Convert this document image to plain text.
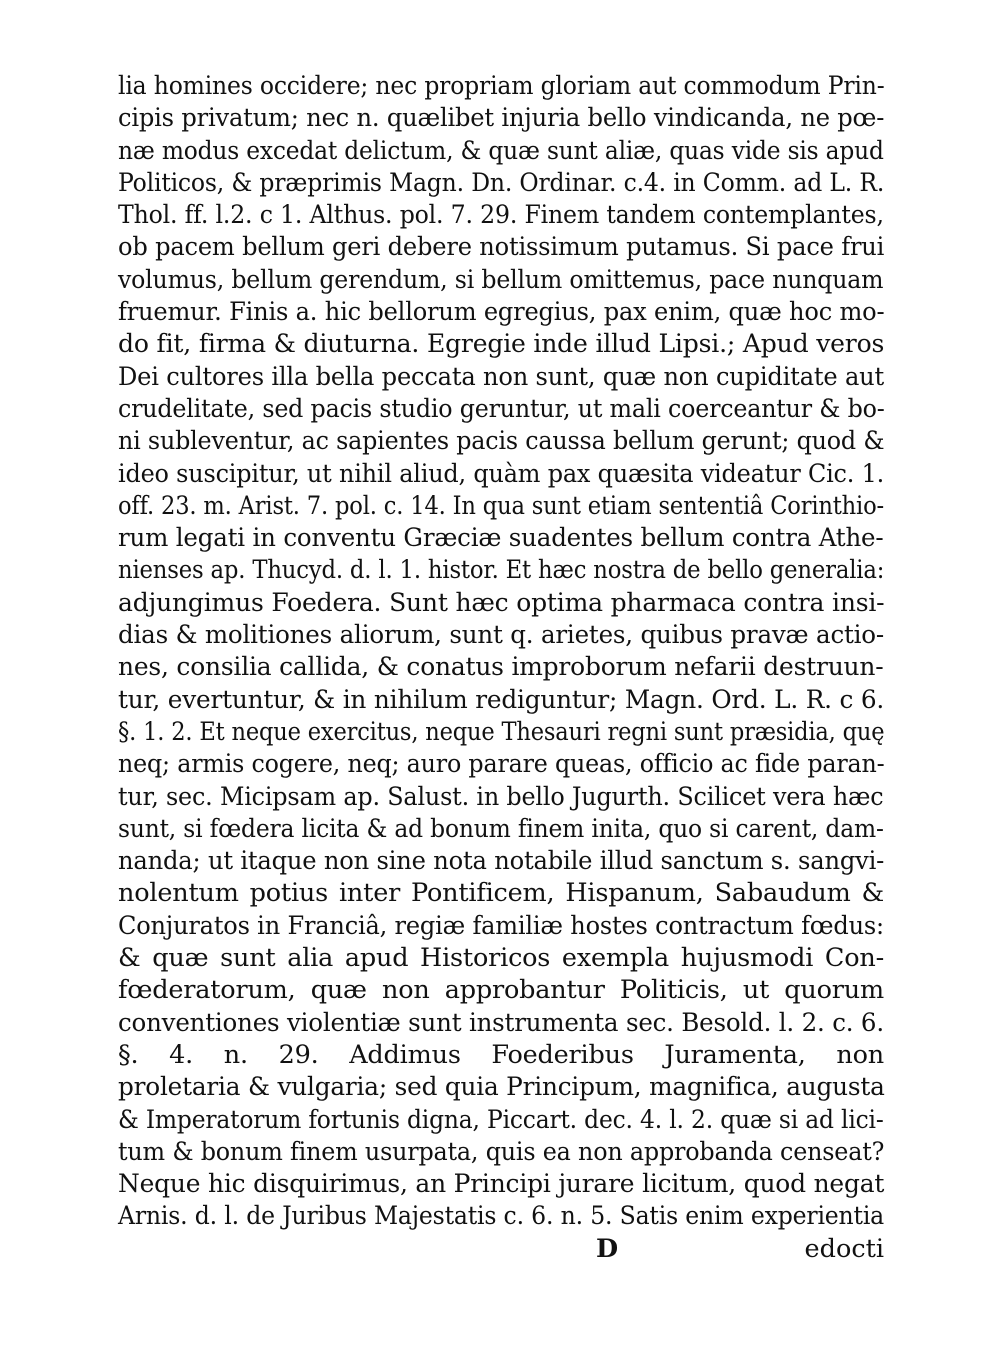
lia homines occidere; nec propriam gloriam aut commodum Prin-
cipis privatum; nec n. quælibet injuria bello vindicanda, ne pœ-
næ modus excedat delictum, & quæ sunt aliæ, quas vide sis apud
Politicos, & præprimis Magn. Dn. Ordinar. c.4. in Comm. ad L. R.
Thol. ff. l.2. c 1. Althus. pol. 7. 29. Finem tandem contemplantes,
ob pacem bellum geri debere notissimum putamus. Si pace frui
volumus, bellum gerendum, si bellum omittemus, pace nunquam
fruemur. Finis a. hic bellorum egregius, pax enim, quæ hoc mo-
do fit, firma & diuturna. Egregie inde illud Lipsi.; Apud veros
Dei cultores illa bella peccata non sunt, quæ non cupiditate aut
crudelitate, sed pacis studio geruntur, ut mali coerceantur & bo-
ni subleventur, ac sapientes pacis caussa bellum gerunt; quod &
ideo suscipitur, ut nihil aliud, quàm pax quæsita videatur Cic. 1.
off. 23. m. Arist. 7. pol. c. 14. In qua sunt etiam sententiâ Corinthio-
rum legati in conventu Græciæ suadentes bellum contra Athe-
nienses ap. Thucyd. d. l. 1. histor. Et hæc nostra de bello generalia:
adjungimus Foedera. Sunt hæc optima pharmaca contra insi-
dias & molitiones aliorum, sunt q. arietes, quibus pravæ actio-
nes, consilia callida, & conatus improborum nefarii destruun-
tur, evertuntur, & in nihilum rediguntur; Magn. Ord. L. R. c 6.
§. 1. 2. Et neque exercitus, neque Thesauri regni sunt præsidia, quę
neq; armis cogere, neq; auro parare queas, officio ac fide paran-
tur, sec. Micipsam ap. Salust. in bello Jugurth. Scilicet vera hæc
sunt, si fœdera licita & ad bonum finem inita, quo si carent, dam-
nanda; ut itaque non sine nota notabile illud sanctum s. sangvi-
nolentum potius inter Pontificem, Hispanum, Sabaudum &
Conjuratos in Franciâ, regiæ familiæ hostes contractum fœdus:
& quæ sunt alia apud Historicos exempla hujusmodi Con-
fœderatorum, quæ non approbantur Politicis, ut quorum
conventiones violentiæ sunt instrumenta sec. Besold. l. 2. c. 6.
§. 4. n. 29. Addimus Foederibus Juramenta, non
proletaria & vulgaria; sed quia Principum, magnifica, augusta
& Imperatorum fortunis digna, Piccart. dec. 4. l. 2. quæ si ad lici-
tum & bonum finem usurpata, quis ea non approbanda censeat?
Neque hic disquirimus, an Principi jurare licitum, quod negat
Arnis. d. l. de Juribus Majestatis c. 6. n. 5. Satis enim experientia
D	edocti
